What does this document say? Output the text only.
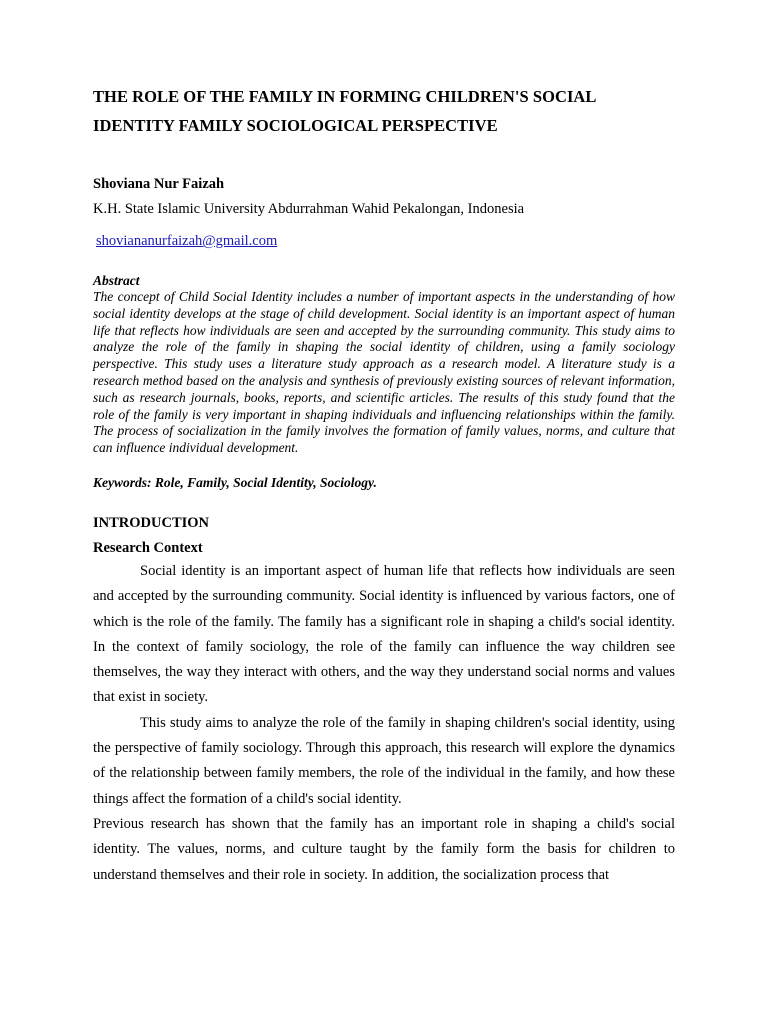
THE ROLE OF THE FAMILY IN FORMING CHILDREN'S SOCIAL IDENTITY FAMILY SOCIOLOGICAL PERSPECTIVE

Shoviana Nur Faizah

K.H. State Islamic University Abdurrahman Wahid Pekalongan, Indonesia

shoviananurfaizah@gmail.com

Abstract

The concept of Child Social Identity includes a number of important aspects in the understanding of how social identity develops at the stage of child development. Social identity is an important aspect of human life that reflects how individuals are seen and accepted by the surrounding community. This study aims to analyze the role of the family in shaping the social identity of children, using a family sociology perspective. This study uses a literature study approach as a research model. A literature study is a research method based on the analysis and synthesis of previously existing sources of relevant information, such as research journals, books, reports, and scientific articles. The results of this study found that the role of the family is very important in shaping individuals and influencing relationships within the family. The process of socialization in the family involves the formation of family values, norms, and culture that can influence individual development.

Keywords: Role, Family, Social Identity, Sociology.

INTRODUCTION
Research Context

Social identity is an important aspect of human life that reflects how individuals are seen and accepted by the surrounding community. Social identity is influenced by various factors, one of which is the role of the family. The family has a significant role in shaping a child's social identity. In the context of family sociology, the role of the family can influence the way children see themselves, the way they interact with others, and the way they understand social norms and values that exist in society.

This study aims to analyze the role of the family in shaping children's social identity, using the perspective of family sociology. Through this approach, this research will explore the dynamics of the relationship between family members, the role of the individual in the family, and how these things affect the formation of a child's social identity.

Previous research has shown that the family has an important role in shaping a child's social identity. The values, norms, and culture taught by the family form the basis for children to understand themselves and their role in society. In addition, the socialization process that
